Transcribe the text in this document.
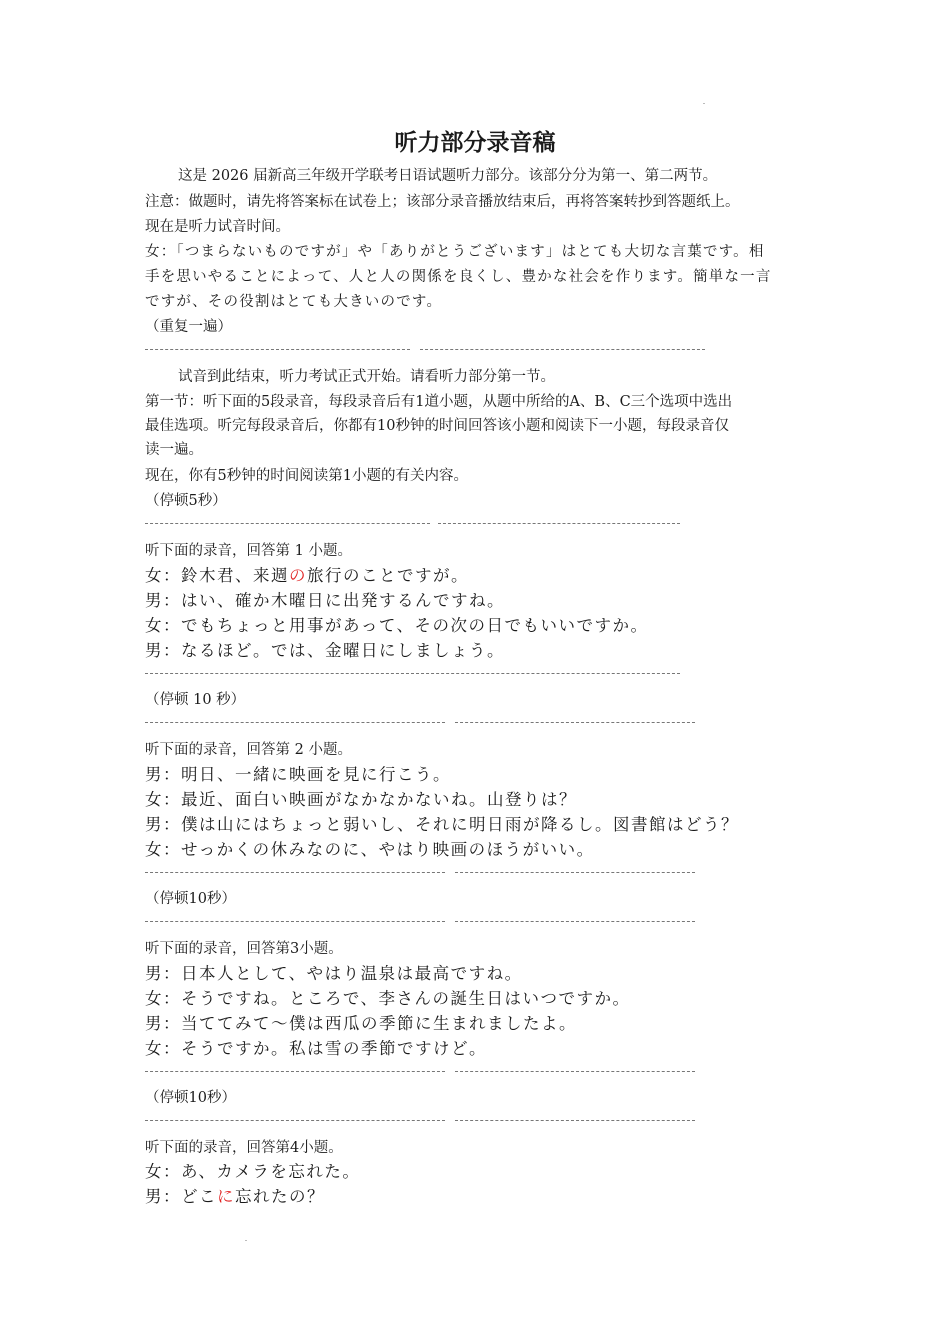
听力部分录音稿
这是 2026 届新高三年级开学联考日语试题听力部分。该部分分为第一、第二两节。
注意：做题时，请先将答案标在试卷上；该部分录音播放结束后，再将答案转抄到答题纸上。
现在是听力试音时间。
女：「つまらないものですが」や「ありがとうございます」はとても大切な言葉です。相
手を思いやることによって、人と人の関係を良くし、豊かな社会を作ります。簡単な一言
ですが、その役割はとても大きいのです。
（重复一遍）
试音到此结束，听力考试正式开始。请看听力部分第一节。
第一节：听下面的5段录音，每段录音后有1道小题，从题中所给的A、B、C三个选项中选出
最佳选项。听完每段录音后，你都有10秒钟的时间回答该小题和阅读下一小题，每段录音仅
读一遍。
现在，你有5秒钟的时间阅读第1小题的有关内容。
（停顿5秒）
听下面的录音，回答第 1 小题。
女：鈴木君、来週の旅行のことですが。
男：はい、確か木曜日に出発するんですね。
女：でもちょっと用事があって、その次の日でもいいですか。
男：なるほど。では、金曜日にしましょう。
（停顿 10 秒）
听下面的录音，回答第 2 小题。
男：明日、一緒に映画を見に行こう。
女：最近、面白い映画がなかなかないね。山登りは？
男：僕は山にはちょっと弱いし、それに明日雨が降るし。図書館はどう？
女：せっかくの休みなのに、やはり映画のほうがいい。
（停顿10秒）
听下面的录音，回答第3小题。
男：日本人として、やはり温泉は最高ですね。
女：そうですね。ところで、李さんの誕生日はいつですか。
男：当ててみて～僕は西瓜の季節に生まれましたよ。
女：そうですか。私は雪の季節ですけど。
（停顿10秒）
听下面的录音，回答第4小题。
女：あ、カメラを忘れた。
男：どこに忘れたの？
